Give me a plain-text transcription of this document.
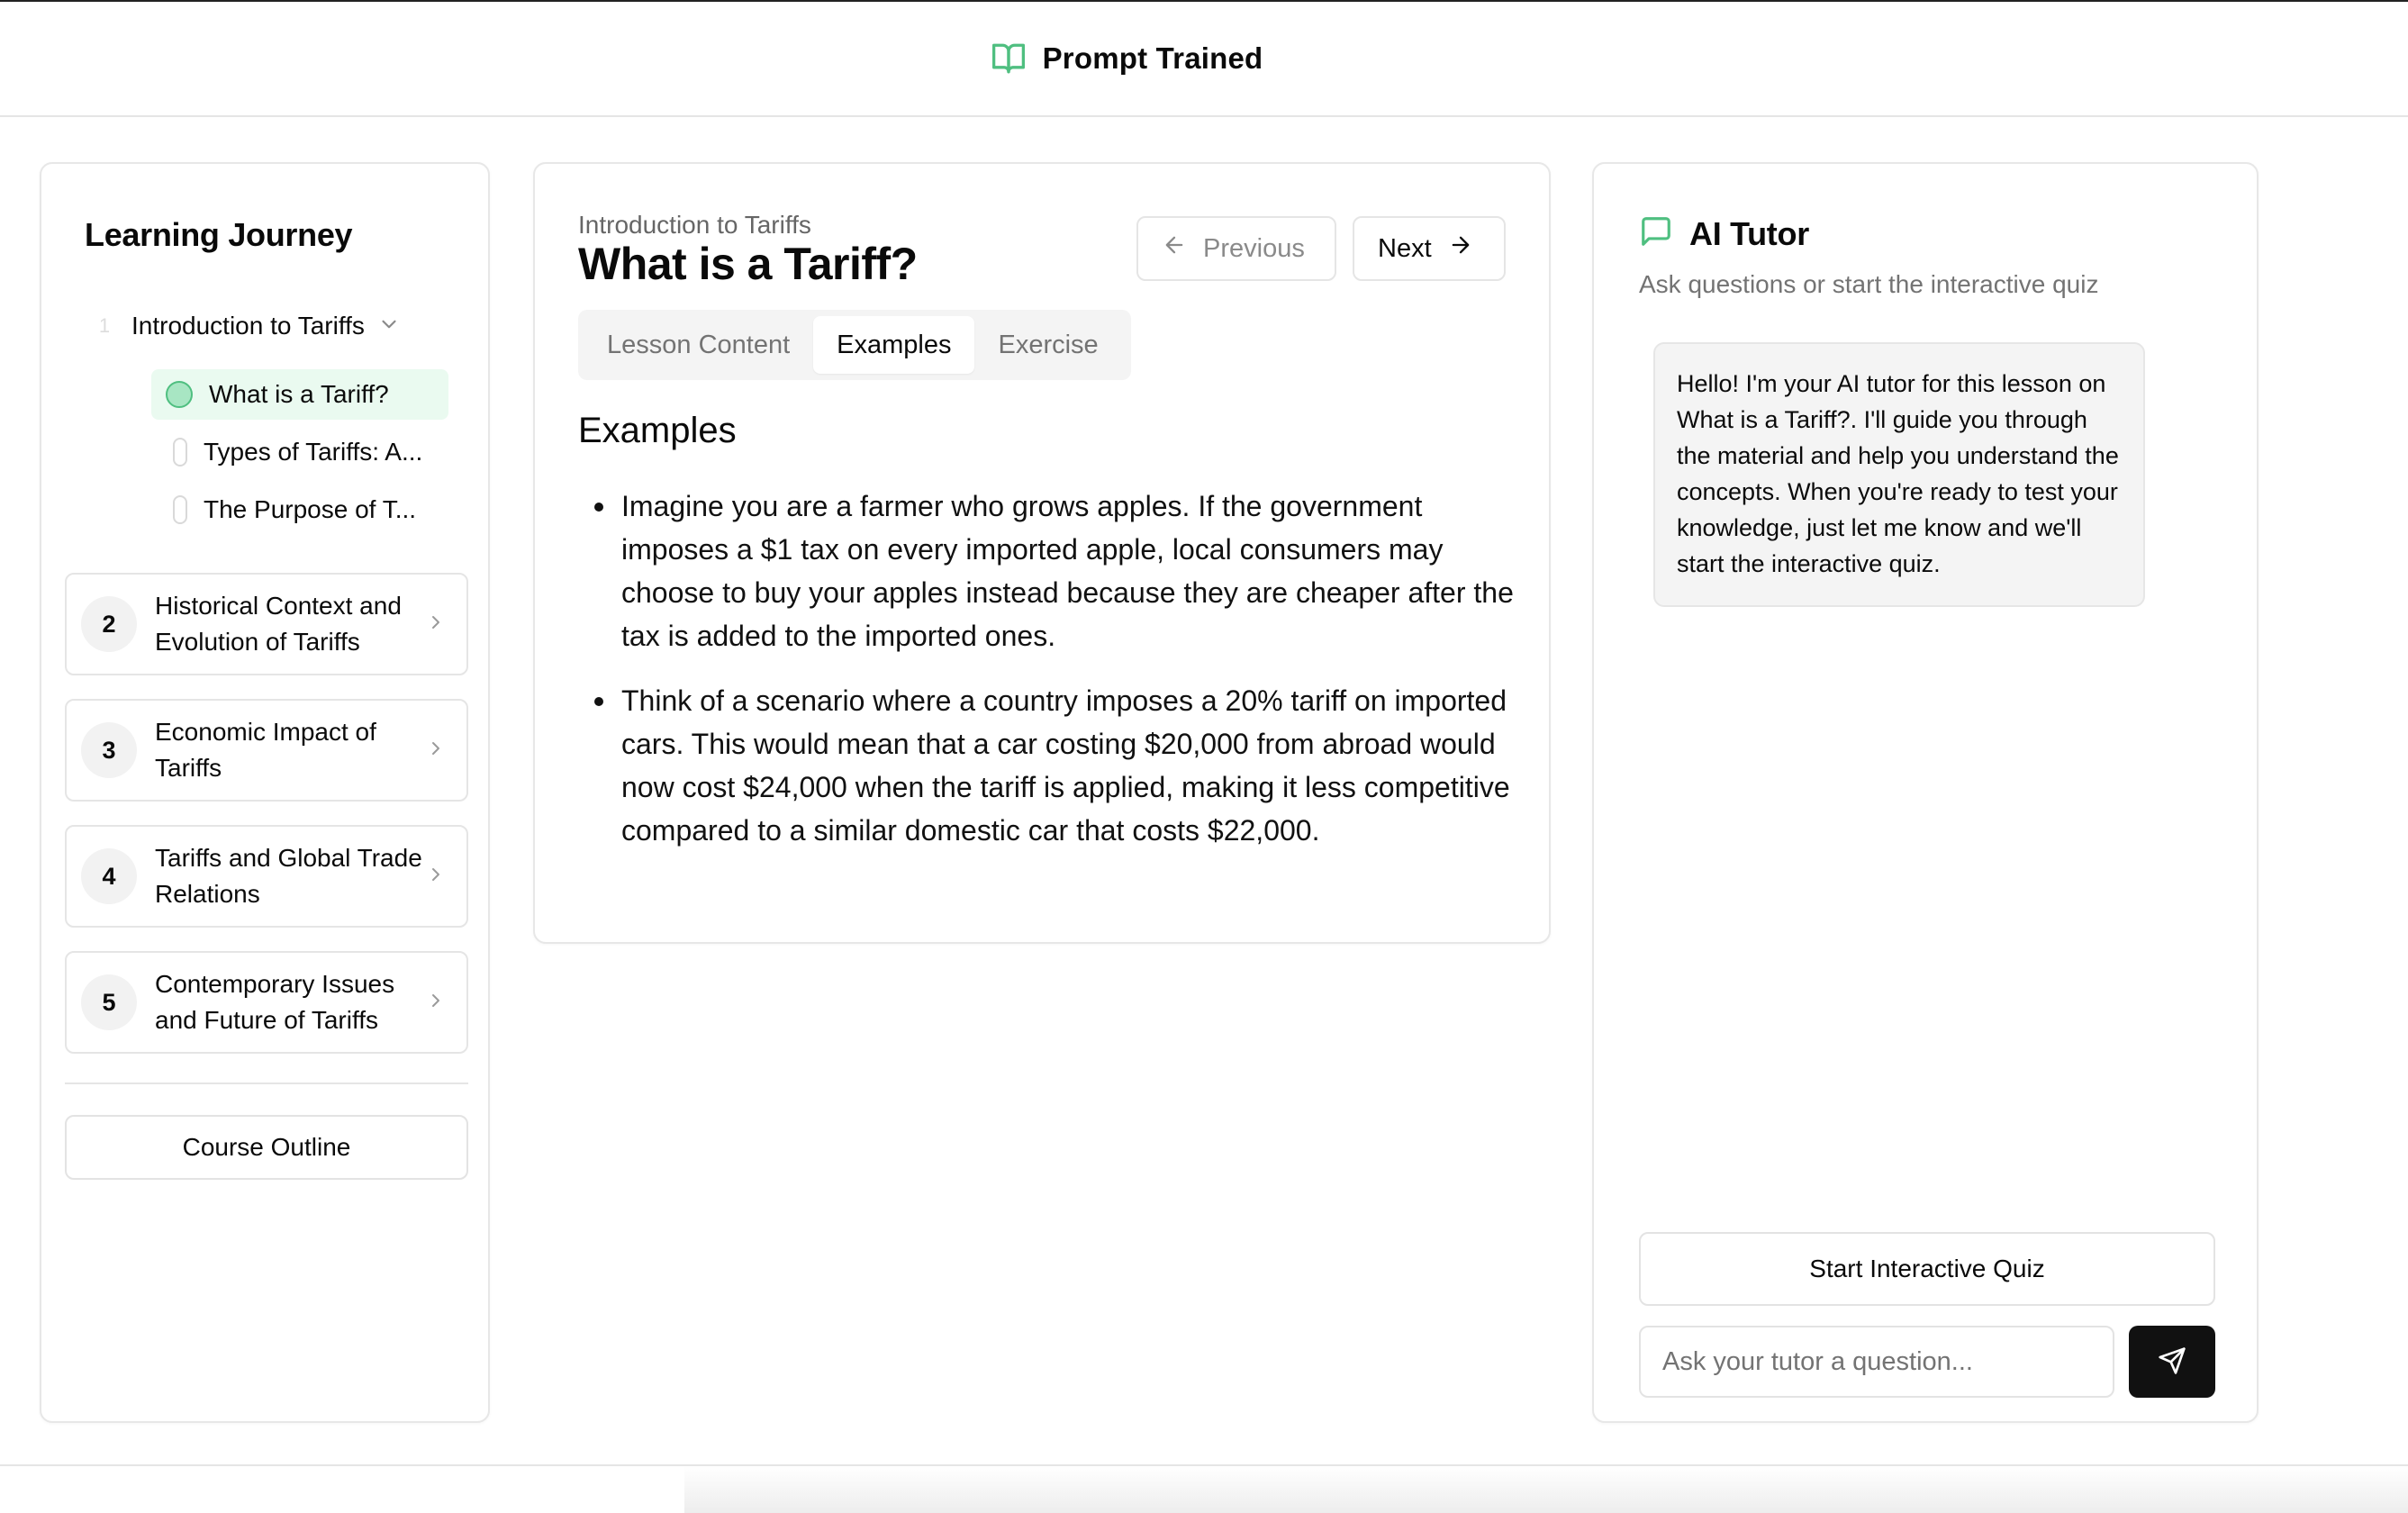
Prompt Trained
Learning Journey
1 Introduction to Tariffs
What is a Tariff?
Types of Tariffs: A...
The Purpose of T...
2
Historical Context and Evolution of Tariffs
3
Economic Impact of Tariffs
4
Tariffs and Global Trade Relations
5
Contemporary Issues and Future of Tariffs
Course Outline
Introduction to Tariffs
What is a Tariff?	Previous	Next
Lesson Content	Examples	Exercise
Examples
Imagine you are a farmer who grows apples. If the government imposes a $1 tax on every imported apple, local consumers may choose to buy your apples instead because they are cheaper after the tax is added to the imported ones.
Think of a scenario where a country imposes a 20% tariff on imported cars. This would mean that a car costing $20,000 from abroad would now cost $24,000 when the tariff is applied, making it less competitive compared to a similar domestic car that costs $22,000.
AI Tutor
Ask questions or start the interactive quiz
Hello! I'm your AI tutor for this lesson on What is a Tariff?. I'll guide you through the material and help you understand the concepts. When you're ready to test your knowledge, just let me know and we'll start the interactive quiz.
Start Interactive Quiz
Ask your tutor a question...
